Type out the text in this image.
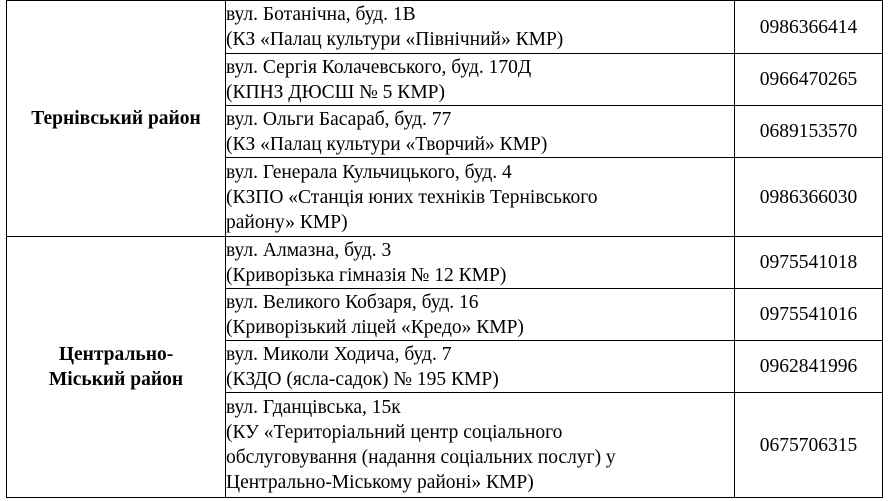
Тернівський район	вул. Ботанічна, буд. 1В
(КЗ «Палац культури «Північний» КМР)	0986366414

	вул. Сергія Колачевського, буд. 170Д
(КПНЗ ДЮСШ № 5 КМР)	0966470265

	вул. Ольги Басараб, буд. 77
(КЗ «Палац культури «Творчий» КМР)	0689153570

	вул. Генерала Кульчицького, буд. 4
(КЗПО «Станція юних техніків Тернівського
району» КМР)	0986366030

Центрально-
Міський район	вул. Алмазна, буд. 3
(Криворізька гімназія № 12 КМР)	0975541018

	вул. Великого Кобзаря, буд. 16
(Криворізький ліцей «Кредо» КМР)	0975541016

	вул. Миколи Ходича, буд. 7
(КЗДО (ясла-садок) № 195 КМР)	0962841996

	вул. Гданцівська, 15к
(КУ «Територіальний центр соціального
обслуговування (надання соціальних послуг) у
Центрально-Міському районі» КМР)	0675706315
